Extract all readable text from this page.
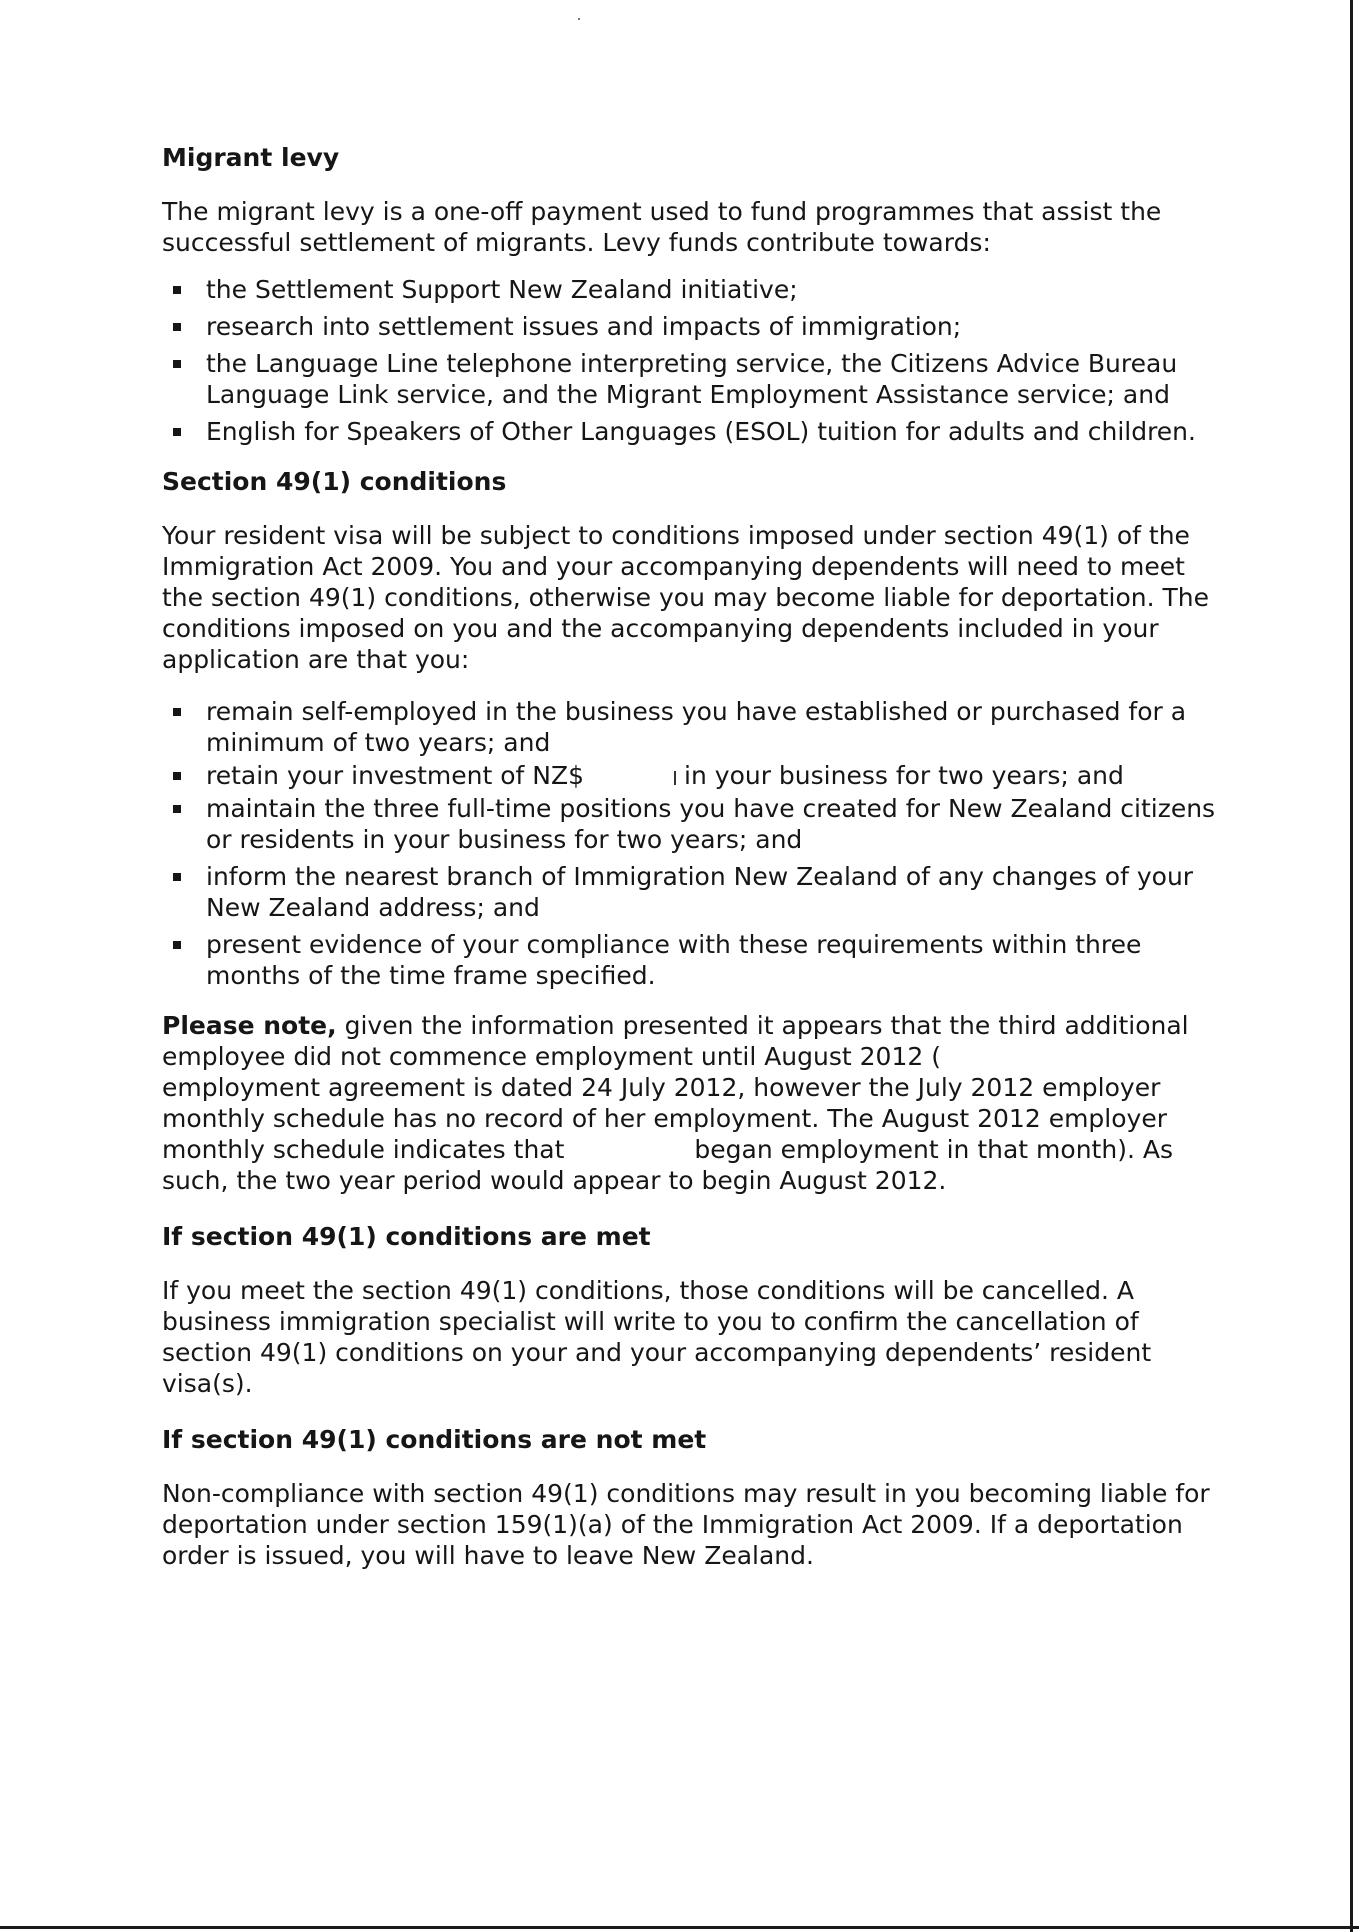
Migrant levy

The migrant levy is a one-off payment used to fund programmes that assist the successful settlement of migrants. Levy funds contribute towards:

the Settlement Support New Zealand initiative;
research into settlement issues and impacts of immigration;
the Language Line telephone interpreting service, the Citizens Advice Bureau Language Link service, and the Migrant Employment Assistance service; and
English for Speakers of Other Languages (ESOL) tuition for adults and children.
Section 49(1) conditions

Your resident visa will be subject to conditions imposed under section 49(1) of the Immigration Act 2009. You and your accompanying dependents will need to meet the section 49(1) conditions, otherwise you may become liable for deportation. The conditions imposed on you and the accompanying dependents included in your application are that you:

remain self-employed in the business you have established or purchased for a minimum of two years; and
retain your investment of NZ$	in your business for two years; and
maintain the three full-time positions you have created for New Zealand citizens or residents in your business for two years; and
inform the nearest branch of Immigration New Zealand of any changes of your New Zealand address; and
present evidence of your compliance with these requirements within three months of the time frame specified.

Please note, given the information presented it appears that the third additional employee did not commence employment until August 2012 ( employment agreement is dated 24 July 2012, however the July 2012 employer monthly schedule has no record of her employment. The August 2012 employer monthly schedule indicates that	began employment in that month). As such, the two year period would appear to begin August 2012.

If section 49(1) conditions are met

If you meet the section 49(1) conditions, those conditions will be cancelled. A business immigration specialist will write to you to confirm the cancellation of section 49(1) conditions on your and your accompanying dependents’ resident visa(s).

If section 49(1) conditions are not met

Non-compliance with section 49(1) conditions may result in you becoming liable for deportation under section 159(1)(a) of the Immigration Act 2009. If a deportation order is issued, you will have to leave New Zealand.
